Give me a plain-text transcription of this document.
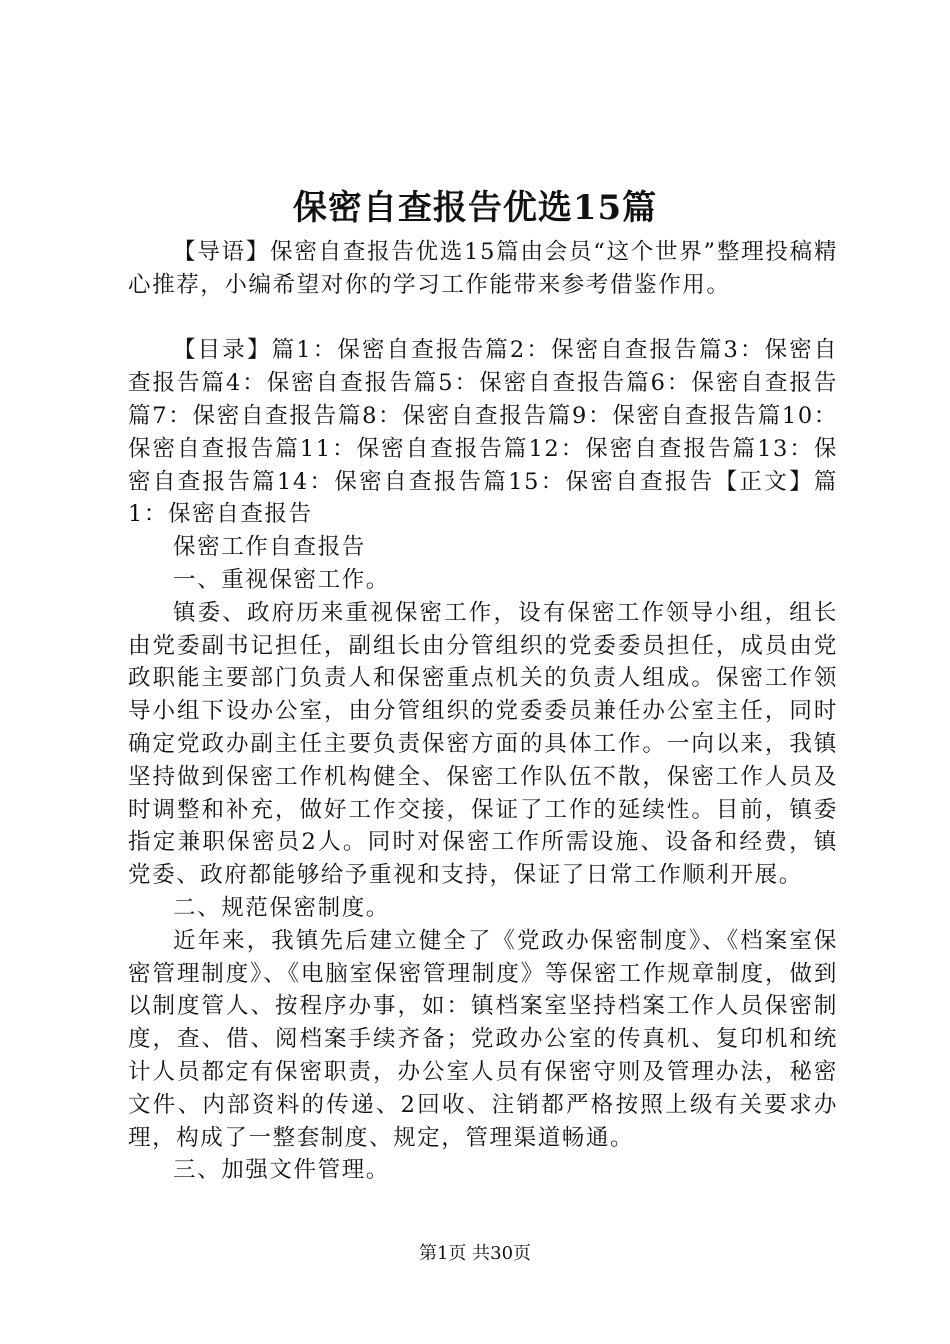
保密自查报告优选15篇

【导语】保密自查报告优选15篇由会员“这个世界”整理投稿精心推荐，小编希望对你的学习工作能带来参考借鉴作用。

【目录】篇1：保密自查报告篇2：保密自查报告篇3：保密自查报告篇4：保密自查报告篇5：保密自查报告篇6：保密自查报告篇7：保密自查报告篇8：保密自查报告篇9：保密自查报告篇10：保密自查报告篇11：保密自查报告篇12：保密自查报告篇13：保密自查报告篇14：保密自查报告篇15：保密自查报告【正文】篇1：保密自查报告

保密工作自查报告

一、重视保密工作。

镇委、政府历来重视保密工作，设有保密工作领导小组，组长由党委副书记担任，副组长由分管组织的党委委员担任，成员由党政职能主要部门负责人和保密重点机关的负责人组成。保密工作领导小组下设办公室，由分管组织的党委委员兼任办公室主任，同时确定党政办副主任主要负责保密方面的具体工作。一向以来，我镇坚持做到保密工作机构健全、保密工作队伍不散，保密工作人员及时调整和补充，做好工作交接，保证了工作的延续性。目前，镇委指定兼职保密员2人。同时对保密工作所需设施、设备和经费，镇党委、政府都能够给予重视和支持，保证了日常工作顺利开展。

二、规范保密制度。

近年来，我镇先后建立健全了《党政办保密制度》、《档案室保密管理制度》、《电脑室保密管理制度》等保密工作规章制度，做到以制度管人、按程序办事，如：镇档案室坚持档案工作人员保密制度，查、借、阅档案手续齐备；党政办公室的传真机、复印机和统计人员都定有保密职责，办公室人员有保密守则及管理办法，秘密文件、内部资料的传递、2回收、注销都严格按照上级有关要求办理，构成了一整套制度、规定，管理渠道畅通。

三、加强文件管理。

第1页 共30页
